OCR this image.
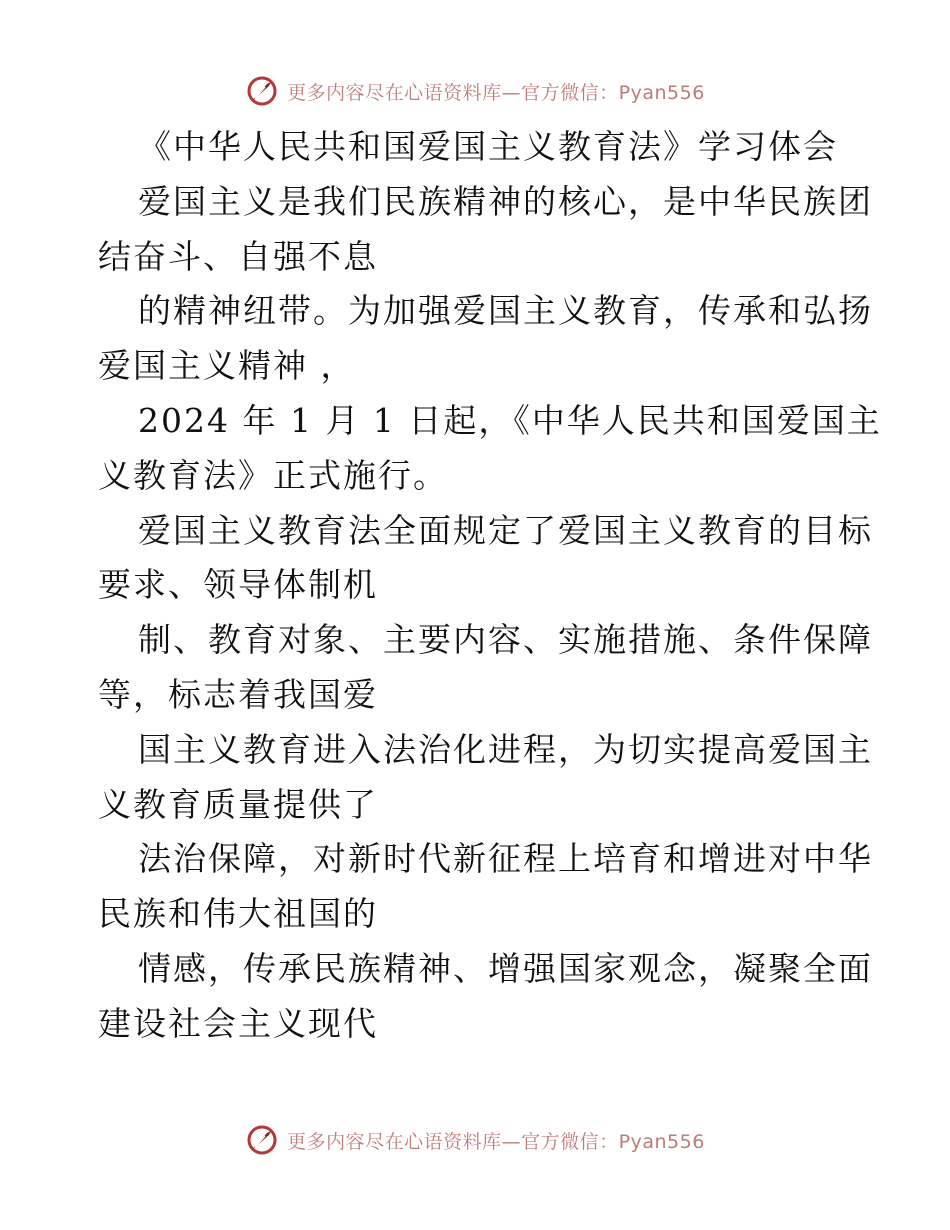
更多内容尽在心语资料库—官方微信：Pyan556
《中华人民共和国爱国主义教育法》学习体会
爱国主义是我们民族精神的核心，是中华民族团
结奋斗、自强不息
的精神纽带。为加强爱国主义教育，传承和弘扬
爱国主义精神 ，
2024 年 1 月 1 日起，《中华人民共和国爱国主
义教育法》正式施行。
爱国主义教育法全面规定了爱国主义教育的目标
要求、领导体制机
制、教育对象、主要内容、实施措施、条件保障
等，标志着我国爱
国主义教育进入法治化进程，为切实提高爱国主
义教育质量提供了
法治保障，对新时代新征程上培育和增进对中华
民族和伟大祖国的
情感，传承民族精神、增强国家观念，凝聚全面
建设社会主义现代
更多内容尽在心语资料库—官方微信：Pyan556
